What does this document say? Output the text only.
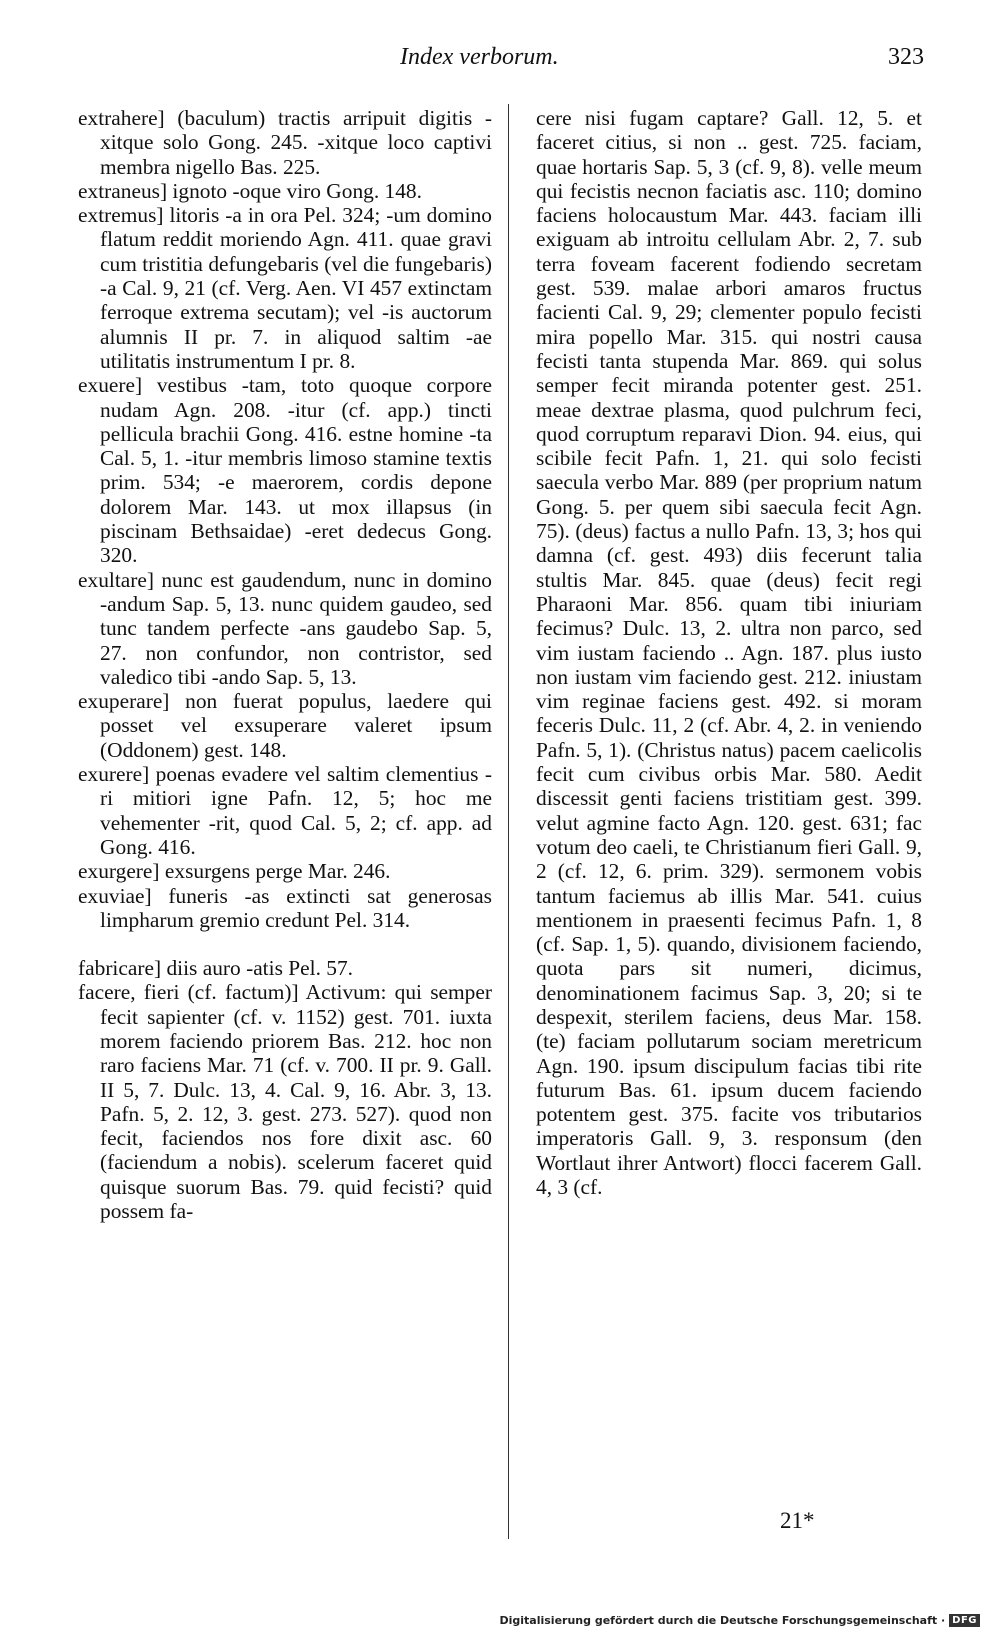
Index verborum.	323

extrahere] (baculum) tractis arripuit digitis -xitque solo Gong. 245. -xitque loco captivi membra nigello Bas. 225.

extraneus] ignoto -oque viro Gong. 148.

extremus] litoris -a in ora Pel. 324; -um domino flatum reddit moriendo Agn. 411. quae gravi cum tristitia defungebaris (vel die fungebaris) -a Cal. 9, 21 (cf. Verg. Aen. VI 457 extinctam ferroque extrema secutam); vel -is auctorum alumnis II pr. 7. in aliquod saltim -ae utilitatis instrumentum I pr. 8.

exuere] vestibus -tam, toto quoque corpore nudam Agn. 208. -itur (cf. app.) tincti pellicula brachii Gong. 416. estne homine -ta Cal. 5, 1. -itur membris limoso stamine textis prim. 534; -e maerorem, cordis depone dolorem Mar. 143. ut mox illapsus (in piscinam Bethsaidae) -eret dedecus Gong. 320.

exultare] nunc est gaudendum, nunc in domino -andum Sap. 5, 13. nunc quidem gaudeo, sed tunc tandem perfecte -ans gaudebo Sap. 5, 27. non confundor, non contristor, sed valedico tibi -ando Sap. 5, 13.

exuperare] non fuerat populus, laedere qui posset vel exsuperare valeret ipsum (Oddonem) gest. 148.

exurere] poenas evadere vel saltim clementius -ri mitiori igne Pafn. 12, 5; hoc me vehementer -rit, quod Cal. 5, 2; cf. app. ad Gong. 416.

exurgere] exsurgens perge Mar. 246.

exuviae] funeris -as extincti sat generosas limpharum gremio credunt Pel. 314.

fabricare] diis auro -atis Pel. 57.

facere, fieri (cf. factum)] Activum: qui semper fecit sapienter (cf. v. 1152) gest. 701. iuxta morem faciendo priorem Bas. 212. hoc non raro faciens Mar. 71 (cf. v. 700. II pr. 9. Gall. II 5, 7. Dulc. 13, 4. Cal. 9, 16. Abr. 3, 13. Pafn. 5, 2. 12, 3. gest. 273. 527). quod non fecit, faciendos nos fore dixit asc. 60 (faciendum a nobis). scelerum faceret quid quisque suorum Bas. 79. quid fecisti? quid possem fa-

cere nisi fugam captare? Gall. 12, 5. et faceret citius, si non .. gest. 725. faciam, quae hortaris Sap. 5, 3 (cf. 9, 8). velle meum qui fecistis necnon faciatis asc. 110; domino faciens holocaustum Mar. 443. faciam illi exiguam ab introitu cellulam Abr. 2, 7. sub terra foveam facerent fodiendo secretam gest. 539. malae arbori amaros fructus facienti Cal. 9, 29; clementer populo fecisti mira popello Mar. 315. qui nostri causa fecisti tanta stupenda Mar. 869. qui solus semper fecit miranda potenter gest. 251. meae dextrae plasma, quod pulchrum feci, quod corruptum reparavi Dion. 94. eius, qui scibile fecit Pafn. 1, 21. qui solo fecisti saecula verbo Mar. 889 (per proprium natum Gong. 5. per quem sibi saecula fecit Agn. 75). (deus) factus a nullo Pafn. 13, 3; hos qui damna (cf. gest. 493) diis fecerunt talia stultis Mar. 845. quae (deus) fecit regi Pharaoni Mar. 856. quam tibi iniuriam fecimus? Dulc. 13, 2. ultra non parco, sed vim iustam faciendo .. Agn. 187. plus iusto non iustam vim faciendo gest. 212. iniustam vim reginae faciens gest. 492. si moram feceris Dulc. 11, 2 (cf. Abr. 4, 2. in veniendo Pafn. 5, 1). (Christus natus) pacem caelicolis fecit cum civibus orbis Mar. 580. Aedit discessit genti faciens tristitiam gest. 399. velut agmine facto Agn. 120. gest. 631; fac votum deo caeli, te Christianum fieri Gall. 9, 2 (cf. 12, 6. prim. 329). sermonem vobis tantum faciemus ab illis Mar. 541. cuius mentionem in praesenti fecimus Pafn. 1, 8 (cf. Sap. 1, 5). quando, divisionem faciendo, quota pars sit numeri, dicimus, denominationem facimus Sap. 3, 20; si te despexit, sterilem faciens, deus Mar. 158. (te) faciam pollutarum sociam meretricum Agn. 190. ipsum discipulum facias tibi rite futurum Bas. 61. ipsum ducem faciendo potentem gest. 375. facite vos tributarios imperatoris Gall. 9, 3. responsum (den Wortlaut ihrer Antwort) flocci facerem Gall. 4, 3 (cf.

21*
Digitalisierung gefördert durch die Deutsche Forschungsgemeinschaft · DFG
